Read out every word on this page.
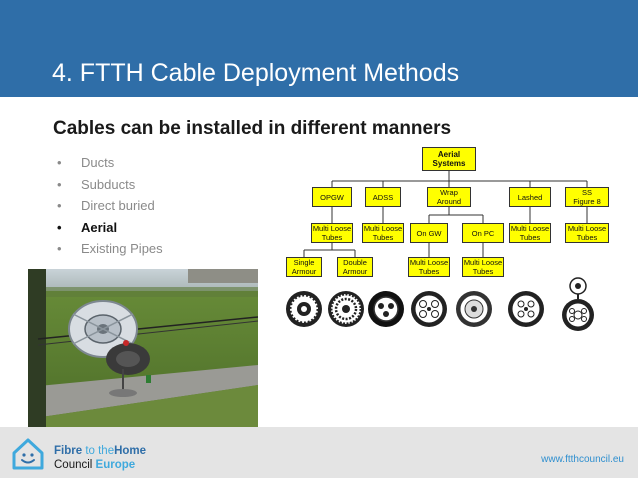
4. FTTH Cable Deployment Methods
Cables can be installed in different manners
• Ducts
• Subducts
• Direct buried
• Aerial
• Existing Pipes
Aerial
Systems
OPGW	ADSS	Wrap
Around	Lashed	SS
Figure 8
Multi Loose
Tubes
Multi Loose
Tubes	On GW	On PC Multi Loose
Tubes
Multi Loose
Tubes
Single
Armour
Double
Armour
Multi Loose
Tubes
Multi Loose
Tubes
Fibre to theHome
Council Europe	www.ftthcouncil.eu
